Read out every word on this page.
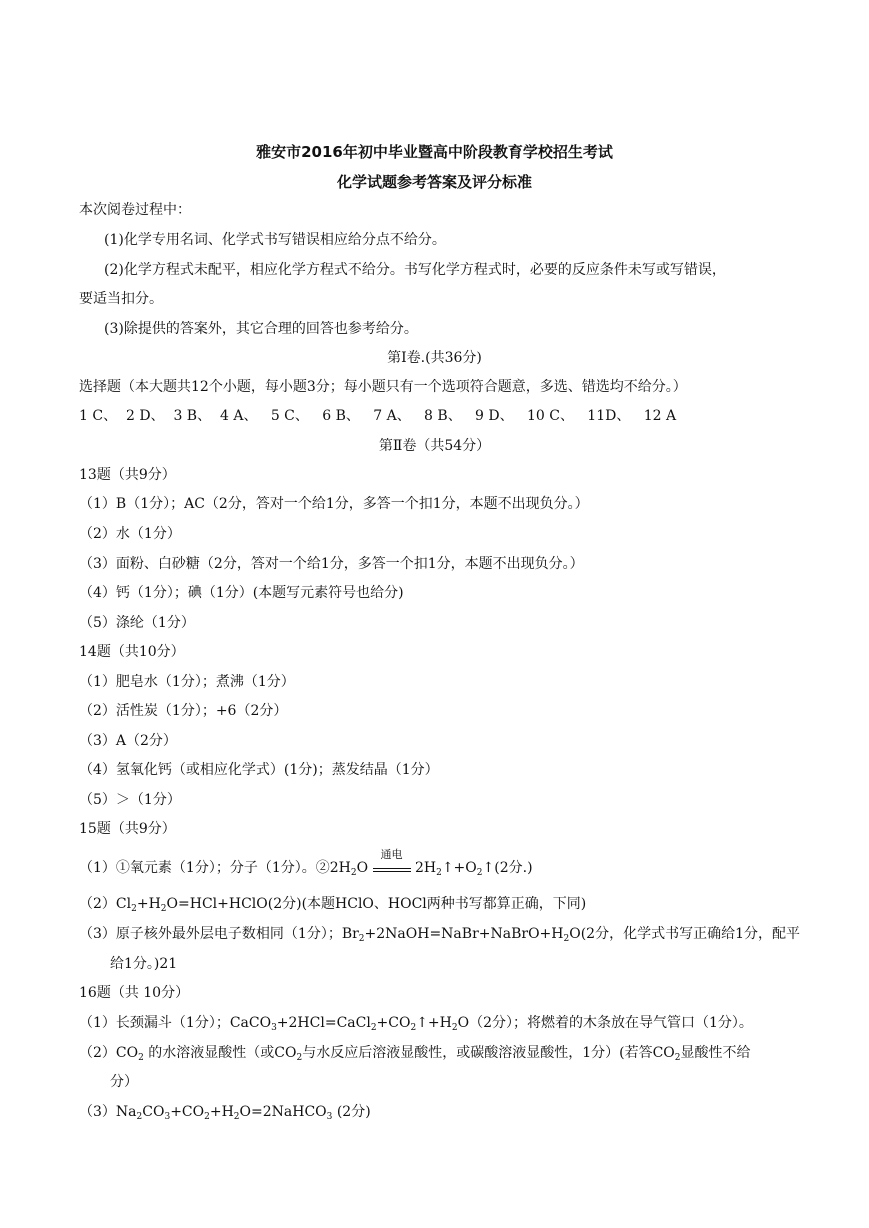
雅安市2016年初中毕业暨高中阶段教育学校招生考试
化学试题参考答案及评分标准
本次阅卷过程中：
(1)化学专用名词、化学式书写错误相应给分点不给分。
(2)化学方程式未配平，相应化学方程式不给分。书写化学方程式时，必要的反应条件未写或写错误，
要适当扣分。
(3)除提供的答案外，其它合理的回答也参考给分。
第Ⅰ卷.(共36分)
选择题（本大题共12个小题，每小题3分；每小题只有一个选项符合题意，多选、错选均不给分。）
1 C、  2 D、  3 B、  4 A、   5 C、   6 B、   7 A、   8 B、   9 D、   10 C、   11D、   12 A
第Ⅱ卷（共54分）
13题（共9分）
（1）B（1分）；AC（2分，答对一个给1分，多答一个扣1分，本题不出现负分。）
（2）水（1分）
（3）面粉、白砂糖（2分，答对一个给1分，多答一个扣1分，本题不出现负分。）
（4）钙（1分）；碘（1分）(本题写元素符号也给分)
（5）涤纶（1分）
14题（共10分）
（1）肥皂水（1分）；煮沸（1分）
（2）活性炭（1分）；+6（2分）
（3）A（2分）
（4）氢氧化钙（或相应化学式）(1分)；蒸发结晶（1分）
（5）＞（1分）
15题（共9分）
（1）①氧元素（1分）；分子（1分）。$②2H_2O$
通电
$2H_2↑+O_2↑(2$分.)
$(2)Cl_2+H_2O=HCl+HClO(2$分)(本题HClO、HOCl两种书写都算正确，下同)
（3）原子核外最外层电子数相同（1分）；$Br_2+2NaOH=NaBr+NaBrO+H_2O(2$分，化学式书写正确给1分，配平
给1分。)21
16题（共 10分）
（1）长颈漏斗（1分）；$CaCO_3+2HCl=CaCl_2+CO_2↑+H_2O(2$分）；将燃着的木条放在导气管口（1分）。
$(2)CO_2$ 的水溶液显酸性（或$CO_2$与水反应后溶液显酸性，或碳酸溶液显酸性，1分）(若答$CO_2$显酸性不给
分）
$(3)Na_2CO_3+CO_2+H_2O=2NaHCO_3$ (2分)
